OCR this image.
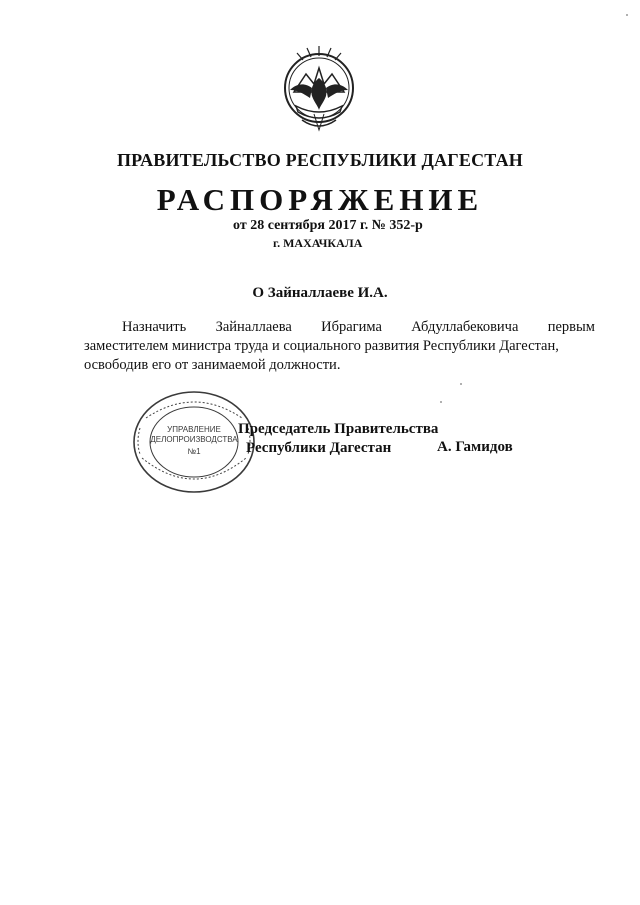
ПРАВИТЕЛЬСТВО РЕСПУБЛИКИ ДАГЕСТАН
РАСПОРЯЖЕНИЕ
от 28 сентября 2017 г. № 352-р
г. МАХАЧКАЛА
О Зайналлаеве И.А.
Назначить Зайналлаева Ибрагима Абдуллабековича первым
заместителем министра труда и социального развития Республики Дагестан,
освободив его от занимаемой должности.
УПРАВЛЕНИЕ
ДЕЛОПРОИЗВОДСТВА
№1
Председатель Правительства
Республики Дагестан	А. Гамидов
